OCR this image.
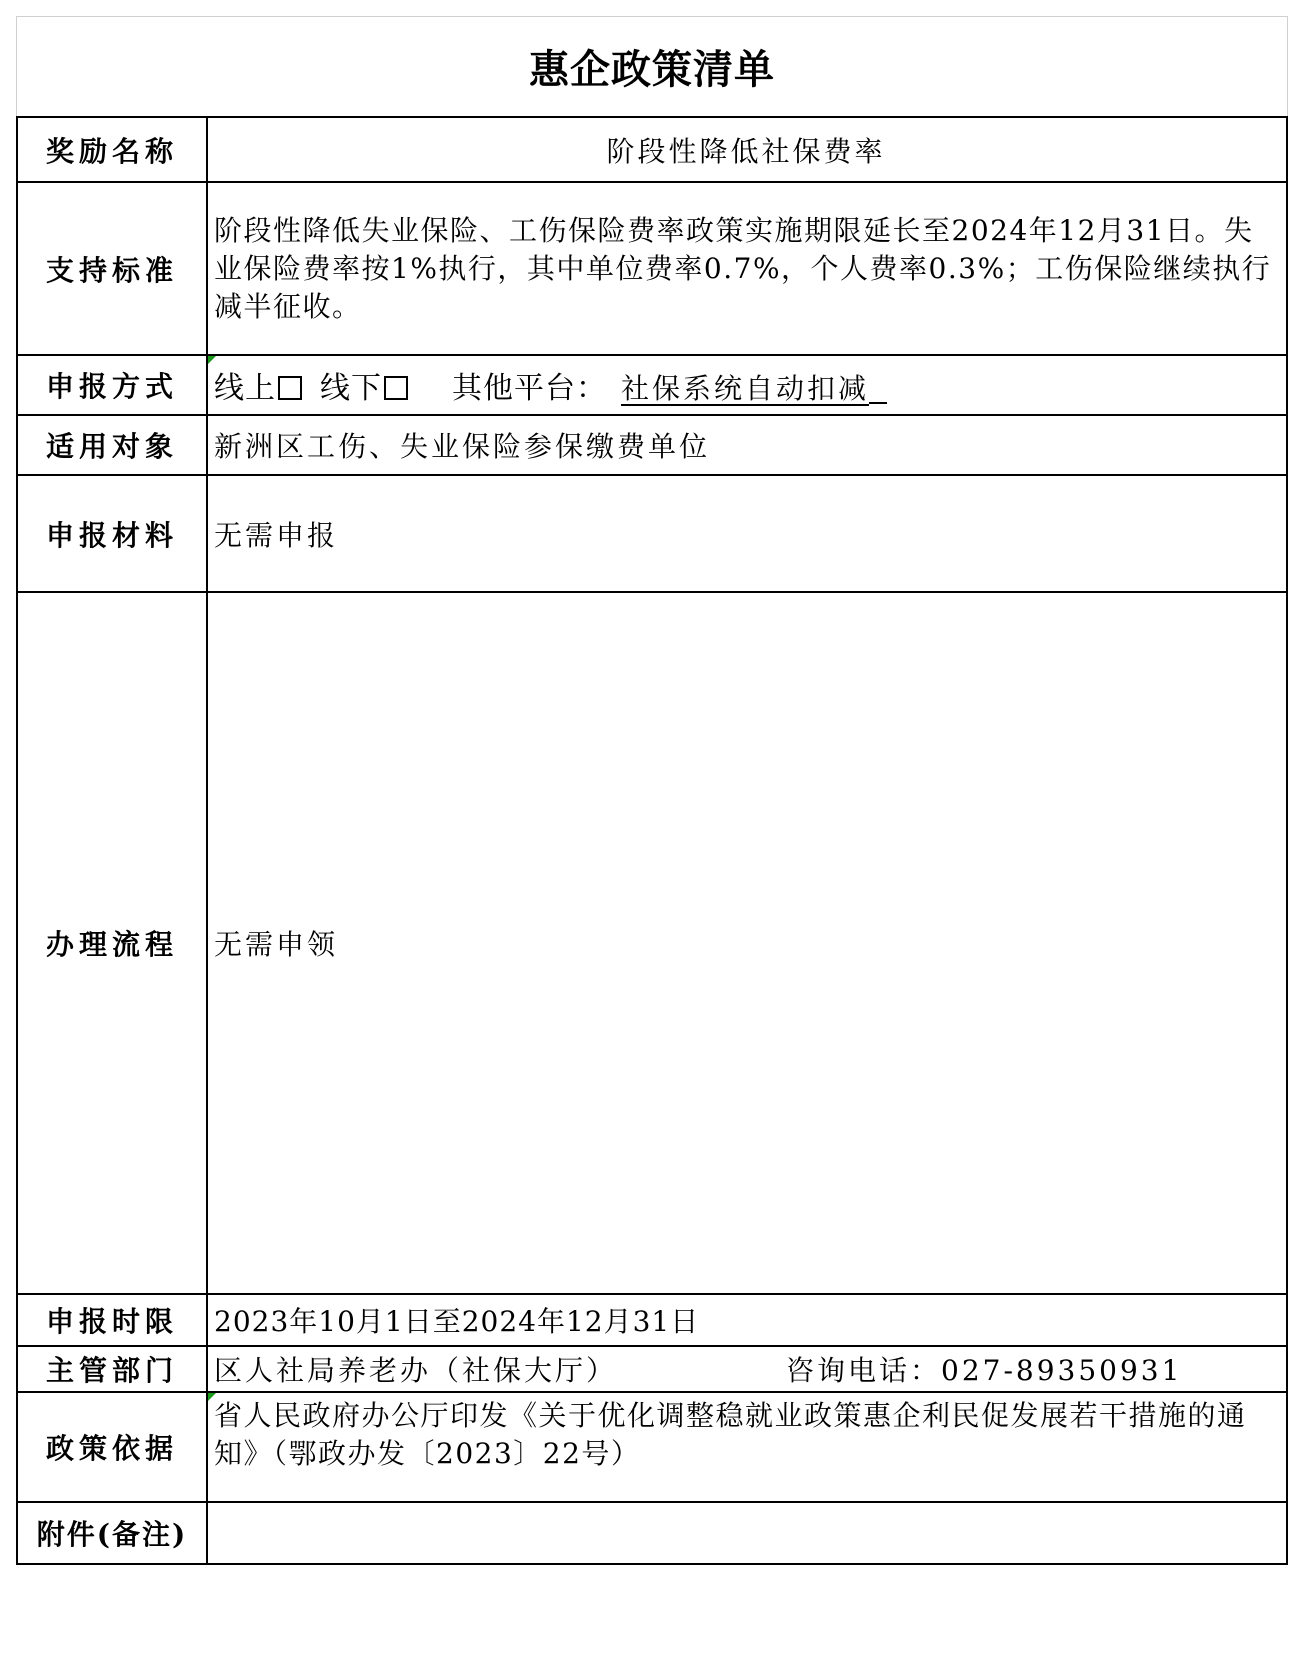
惠企政策清单
奖励名称	阶段性降低社保费率
支持标准	阶段性降低失业保险、工伤保险费率政策实施期限延长至2024年12月31日。失业保险费率按1%执行，其中单位费率0.7%，个人费率0.3%；工伤保险继续执行减半征收。

申报方式	线上 线下 其他平台： 社保系统自动扣减
适用对象	新洲区工伤、失业保险参保缴费单位
申报材料	无需申报
办理流程	无需申领
申报时限	2023年10月1日至2024年12月31日
主管部门	区人社局养老办（社保大厅） 咨询电话：027-89350931

政策依据	省人民政府办公厅印发《关于优化调整稳就业政策惠企利民促发展若干措施的通知》（鄂政办发〔2023〕22号）

附件(备注)	
